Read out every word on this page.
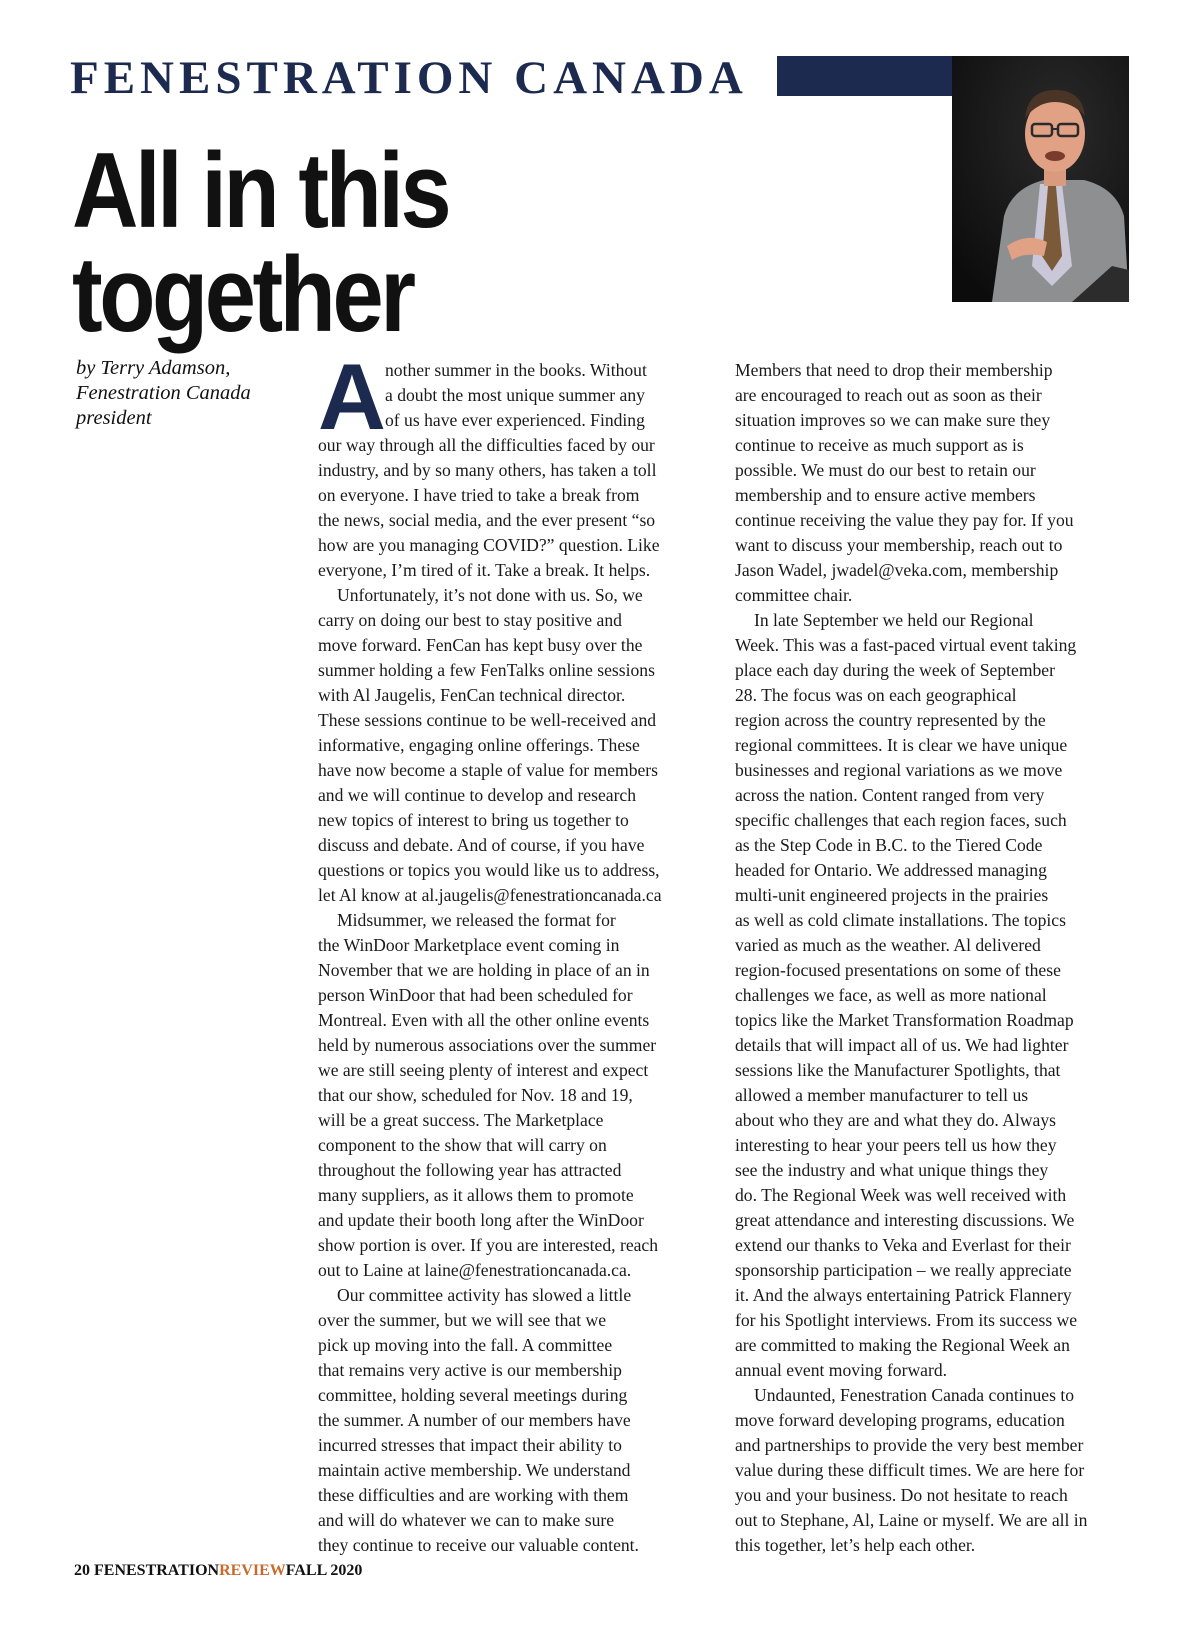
FENESTRATION CANADA
All in this
together
by Terry Adamson,
Fenestration Canada
president	A nother summer in the books. Without
a doubt the most unique summer any
of us have ever experienced. Finding
our way through all the difficulties faced by our
industry, and by so many others, has taken a toll
on everyone. I have tried to take a break from
the news, social media, and the ever present “so
how are you managing COVID?” question. Like
everyone, I’m tired of it. Take a break. It helps.
Unfortunately, it’s not done with us. So, we
carry on doing our best to stay positive and
move forward. FenCan has kept busy over the
summer holding a few FenTalks online sessions
with Al Jaugelis, FenCan technical director.
These sessions continue to be well-received and
informative, engaging online offerings. These
have now become a staple of value for members
and we will continue to develop and research
new topics of interest to bring us together to
discuss and debate. And of course, if you have
questions or topics you would like us to address,
let Al know at al.jaugelis@fenestrationcanada.ca
Midsummer, we released the format for
the WinDoor Marketplace event coming in
November that we are holding in place of an in
person WinDoor that had been scheduled for
Montreal. Even with all the other online events
held by numerous associations over the summer
we are still seeing plenty of interest and expect
that our show, scheduled for Nov. 18 and 19,
will be a great success. The Marketplace
component to the show that will carry on
throughout the following year has attracted
many suppliers, as it allows them to promote
and update their booth long after the WinDoor
show portion is over. If you are interested, reach
out to Laine at laine@fenestrationcanada.ca.
Our committee activity has slowed a little
over the summer, but we will see that we
pick up moving into the fall. A committee
that remains very active is our membership
committee, holding several meetings during
the summer. A number of our members have
incurred stresses that impact their ability to
maintain active membership. We understand
these difficulties and are working with them
and will do whatever we can to make sure
they continue to receive our valuable content.
Members that need to drop their membership
are encouraged to reach out as soon as their
situation improves so we can make sure they
continue to receive as much support as is
possible. We must do our best to retain our
membership and to ensure active members
continue receiving the value they pay for. If you
want to discuss your membership, reach out to
Jason Wadel, jwadel@veka.com, membership
committee chair.
In late September we held our Regional
Week. This was a fast-paced virtual event taking
place each day during the week of September
28. The focus was on each geographical
region across the country represented by the
regional committees. It is clear we have unique
businesses and regional variations as we move
across the nation. Content ranged from very
specific challenges that each region faces, such
as the Step Code in B.C. to the Tiered Code
headed for Ontario. We addressed managing
multi-unit engineered projects in the prairies
as well as cold climate installations. The topics
varied as much as the weather. Al delivered
region-focused presentations on some of these
challenges we face, as well as more national
topics like the Market Transformation Roadmap
details that will impact all of us. We had lighter
sessions like the Manufacturer Spotlights, that
allowed a member manufacturer to tell us
about who they are and what they do. Always
interesting to hear your peers tell us how they
see the industry and what unique things they
do. The Regional Week was well received with
great attendance and interesting discussions. We
extend our thanks to Veka and Everlast for their
sponsorship participation – we really appreciate
it. And the always entertaining Patrick Flannery
for his Spotlight interviews. From its success we
are committed to making the Regional Week an
annual event moving forward.
Undaunted, Fenestration Canada continues to
move forward developing programs, education
and partnerships to provide the very best member
value during these difficult times. We are here for
you and your business. Do not hesitate to reach
out to Stephane, Al, Laine or myself. We are all in
this together, let’s help each other.
20 FENESTRATIONREVIEWFALL 2020
